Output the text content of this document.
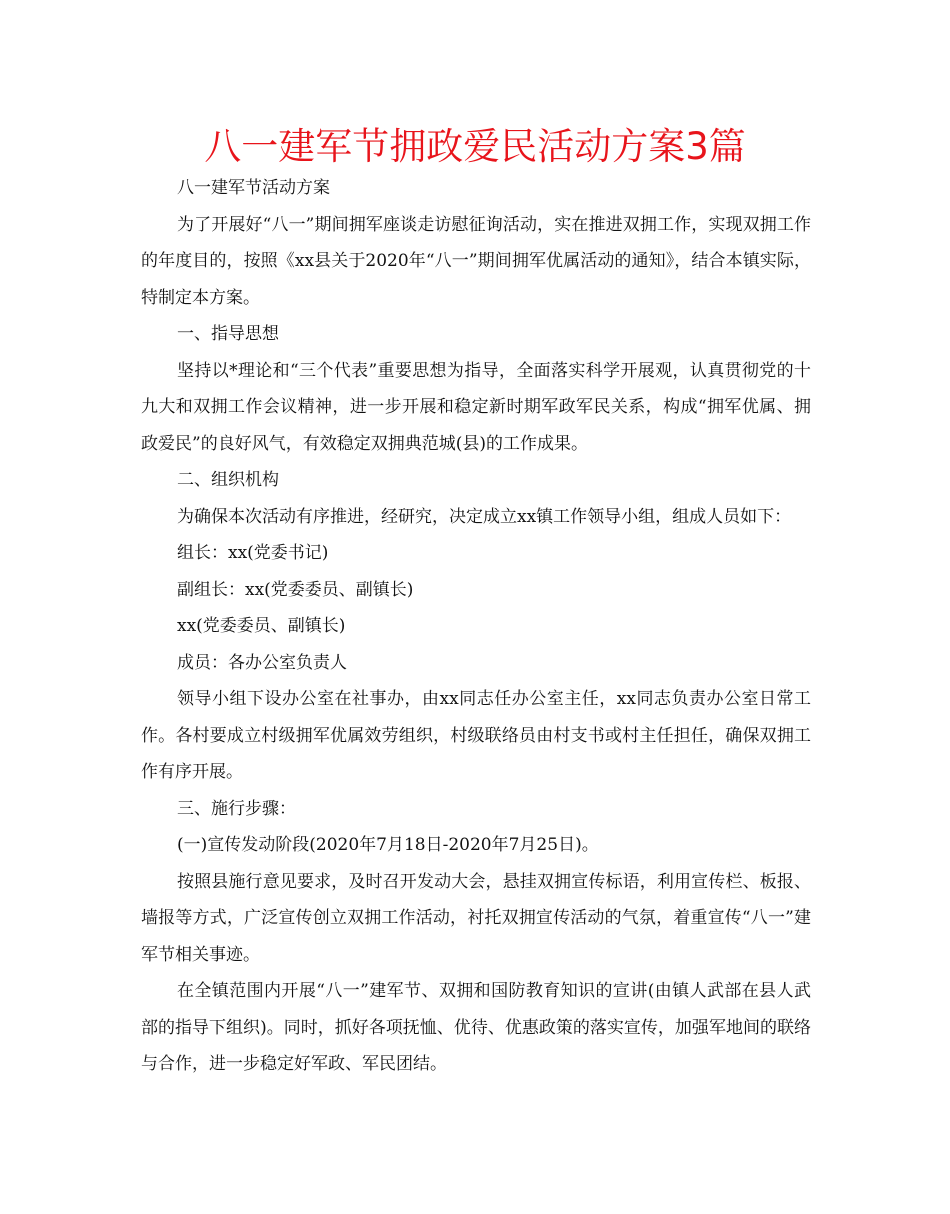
八一建军节拥政爱民活动方案3篇

八一建军节活动方案

为了开展好“八一”期间拥军座谈走访慰征询活动，实在推进双拥工作，实现双拥工作的年度目的，按照《xx县关于2020年“八一”期间拥军优属活动的通知》，结合本镇实际，特制定本方案。

一、指导思想

坚持以*理论和“三个代表”重要思想为指导，全面落实科学开展观，认真贯彻党的十九大和双拥工作会议精神，进一步开展和稳定新时期军政军民关系，构成“拥军优属、拥政爱民”的良好风气，有效稳定双拥典范城(县)的工作成果。

二、组织机构

为确保本次活动有序推进，经研究，决定成立xx镇工作领导小组，组成人员如下：

组长：xx(党委书记)

副组长：xx(党委委员、副镇长)

xx(党委委员、副镇长)

成员：各办公室负责人

领导小组下设办公室在社事办，由xx同志任办公室主任，xx同志负责办公室日常工作。各村要成立村级拥军优属效劳组织，村级联络员由村支书或村主任担任，确保双拥工作有序开展。

三、施行步骤：

(一)宣传发动阶段(2020年7月18日-2020年7月25日)。

按照县施行意见要求，及时召开发动大会，悬挂双拥宣传标语，利用宣传栏、板报、墙报等方式，广泛宣传创立双拥工作活动，衬托双拥宣传活动的气氛，着重宣传“八一”建军节相关事迹。

在全镇范围内开展“八一”建军节、双拥和国防教育知识的宣讲(由镇人武部在县人武部的指导下组织)。同时，抓好各项抚恤、优待、优惠政策的落实宣传，加强军地间的联络与合作，进一步稳定好军政、军民团结。
